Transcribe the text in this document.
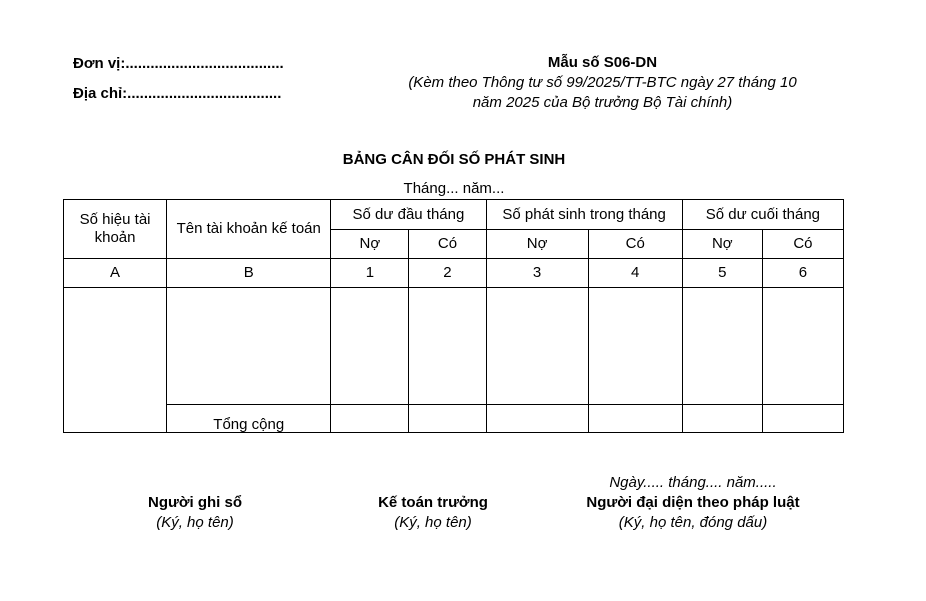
Đơn vị:......................................
Địa chỉ:.....................................
Mẫu số S06-DN
(Kèm theo Thông tư số 99/2025/TT-BTC ngày 27 tháng 10
năm 2025 của Bộ trưởng Bộ Tài chính)
BẢNG CÂN ĐỐI SỐ PHÁT SINH
Tháng... năm...
Số hiệu tài khoản	Tên tài khoản kế toán	Số dư đầu tháng		Số phát sinh trong tháng		Số dư cuối tháng	
		Nợ	Có	Nợ	Có	Nợ	Có
A	B	1	2	3	4	5	6

	Tổng cộng						
Người ghi sổ
(Ký, họ tên)
Kế toán trưởng
(Ký, họ tên)
Ngày..... tháng.... năm.....
Người đại diện theo pháp luật
(Ký, họ tên, đóng dấu)
